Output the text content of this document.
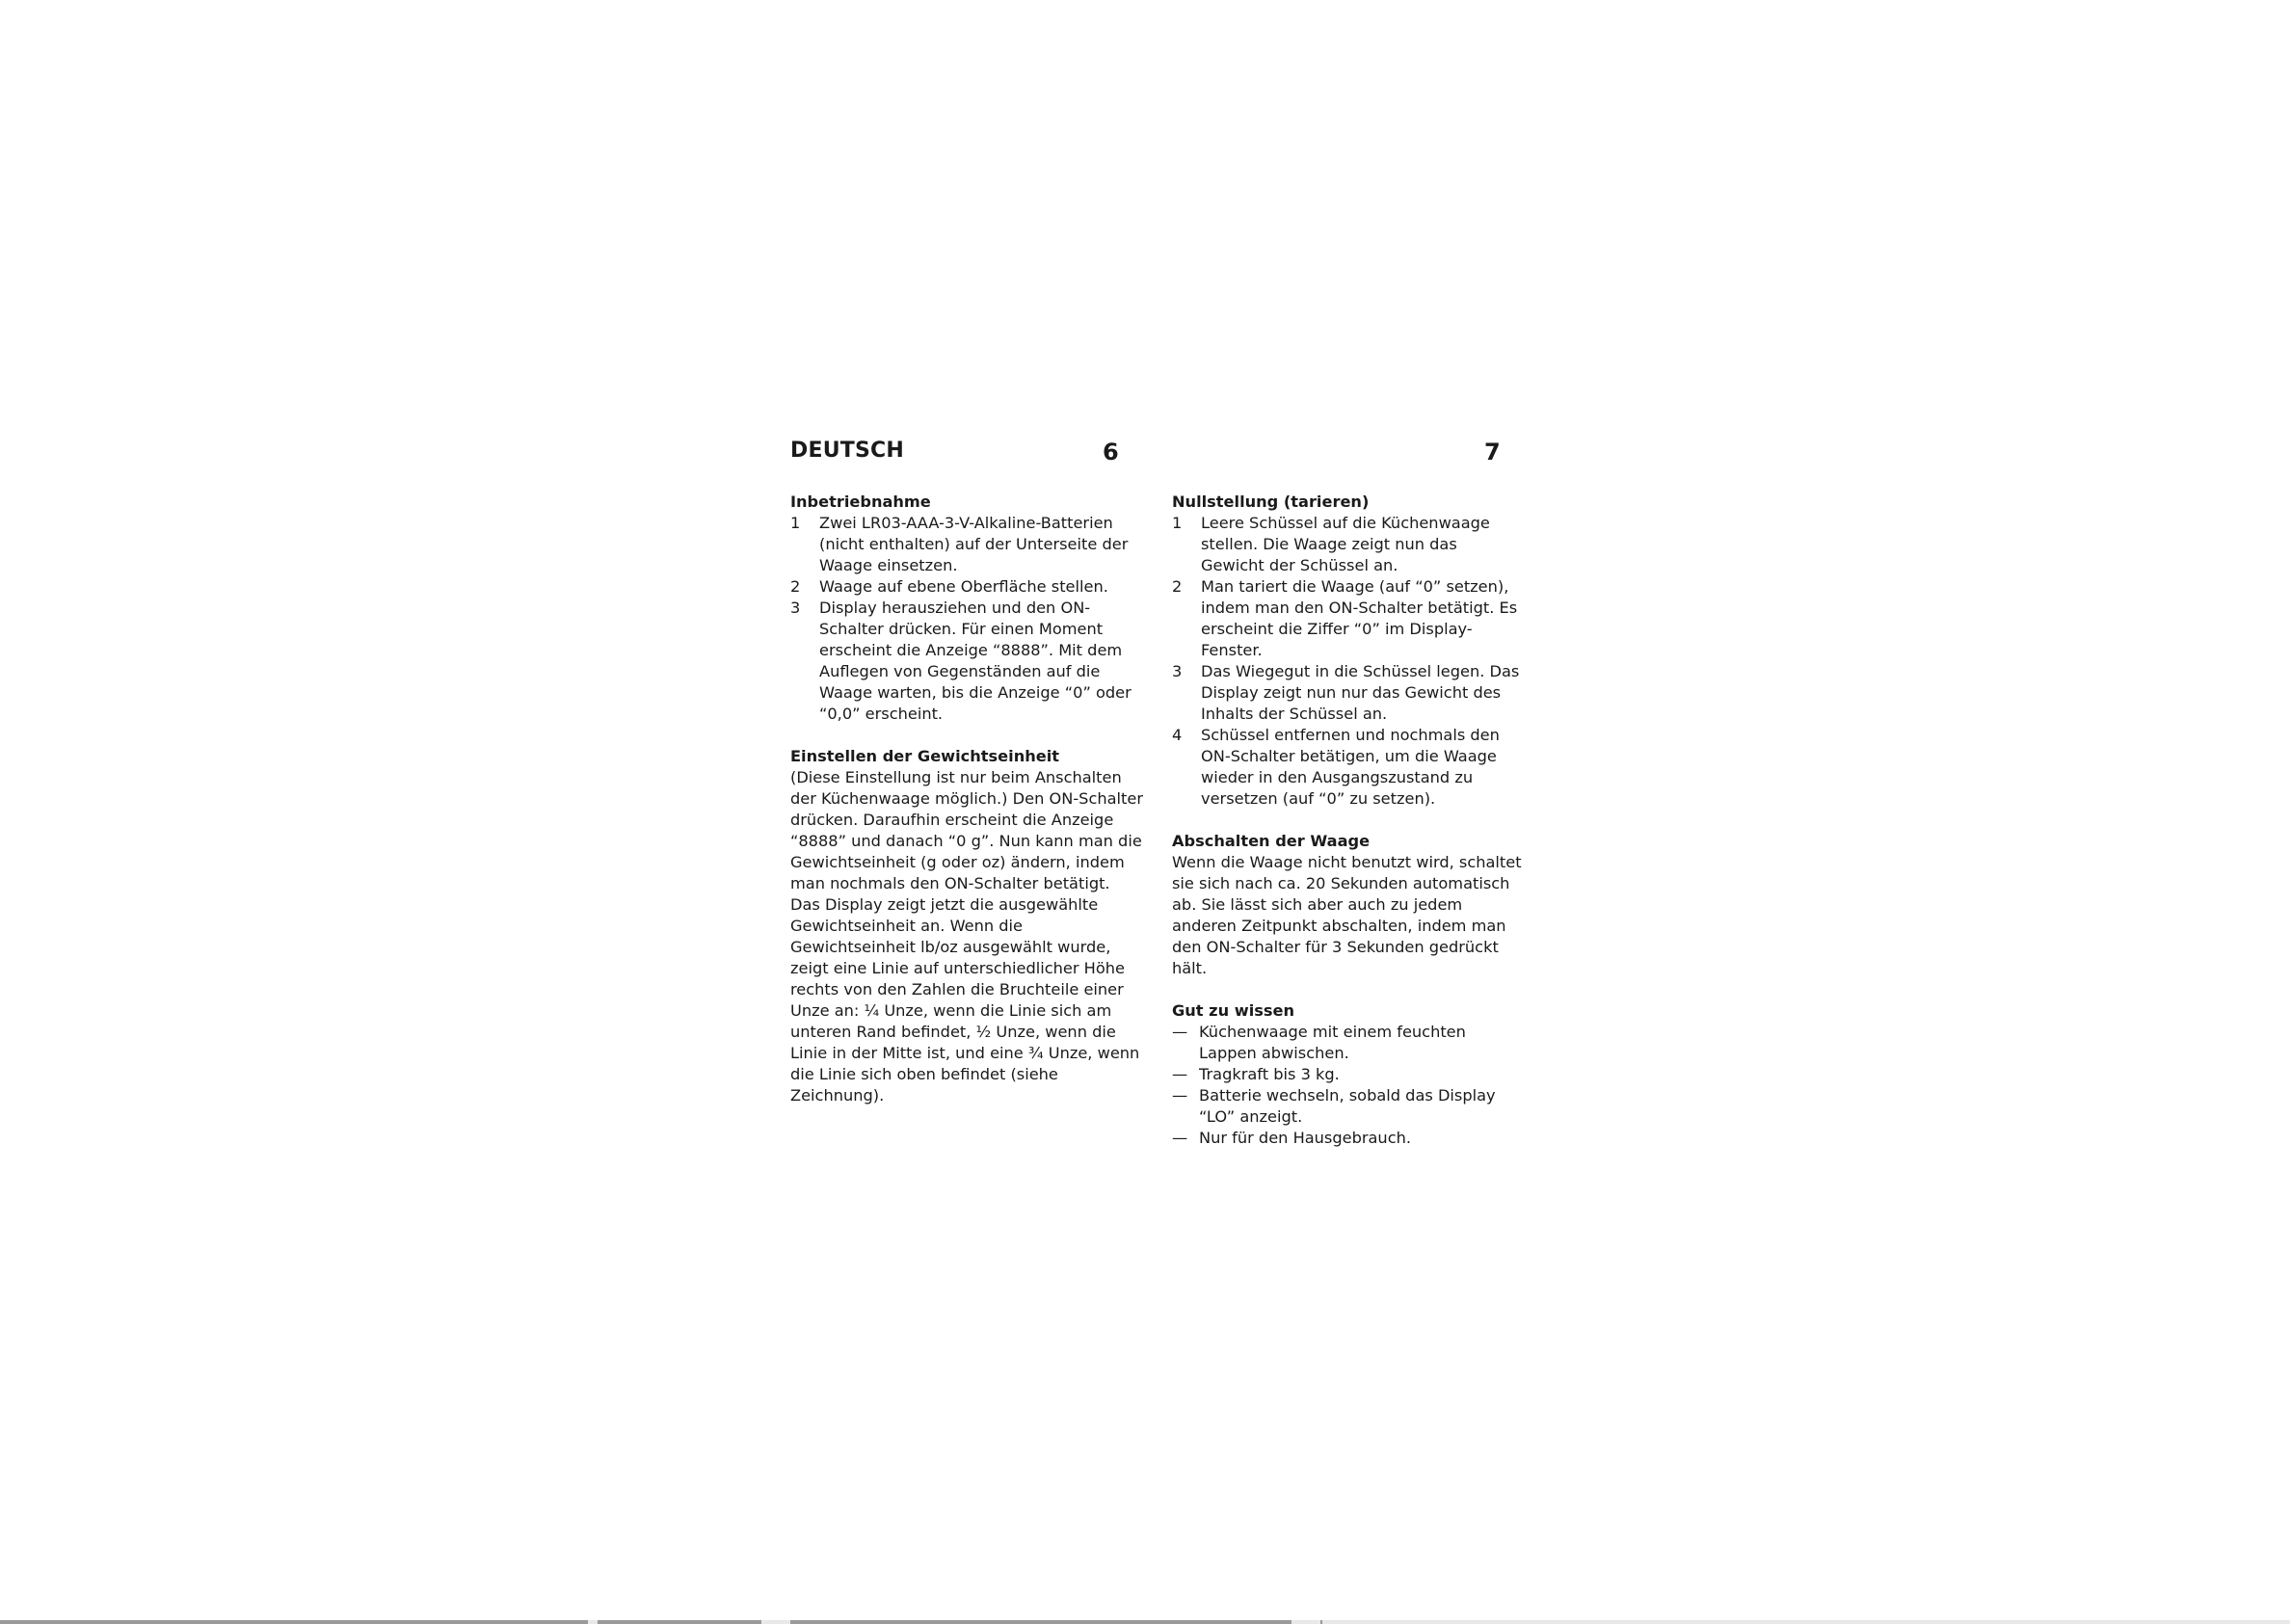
DEUTSCH	6	7

Inbetriebnahme

1 Zwei LR03-AAA-3-V-Alkaline-Batterien (nicht enthalten) auf der Unterseite der Waage einsetzen.
2 Waage auf ebene Oberfläche stellen.
3 Display herausziehen und den ON-Schalter drücken. Für einen Moment erscheint die Anzeige “8888”. Mit dem Auflegen von Gegenständen auf die Waage warten, bis die Anzeige “0” oder “0,0” erscheint.

Einstellen der Gewichtseinheit

(Diese Einstellung ist nur beim Anschalten der Küchenwaage möglich.) Den ON-Schalter drücken. Daraufhin erscheint die Anzeige “8888” und danach “0 g”. Nun kann man die Gewichtseinheit (g oder oz) ändern, indem man nochmals den ON-Schalter betätigt. Das Display zeigt jetzt die ausgewählte Gewichtseinheit an. Wenn die Gewichtseinheit lb/oz ausgewählt wurde, zeigt eine Linie auf unterschiedlicher Höhe rechts von den Zahlen die Bruchteile einer Unze an: ¼ Unze, wenn die Linie sich am unteren Rand befindet, ½ Unze, wenn die Linie in der Mitte ist, und eine ¾ Unze, wenn die Linie sich oben befindet (siehe Zeichnung).

Nullstellung (tarieren)

1 Leere Schüssel auf die Küchenwaage stellen. Die Waage zeigt nun das Gewicht der Schüssel an.
2 Man tariert die Waage (auf “0” setzen), indem man den ON-Schalter betätigt. Es erscheint die Ziffer “0” im Display-Fenster.
3 Das Wiegegut in die Schüssel legen. Das Display zeigt nun nur das Gewicht des Inhalts der Schüssel an.
4 Schüssel entfernen und nochmals den ON-Schalter betätigen, um die Waage wieder in den Ausgangszustand zu versetzen (auf “0” zu setzen).

Abschalten der Waage

Wenn die Waage nicht benutzt wird, schaltet sie sich nach ca. 20 Sekunden automatisch ab. Sie lässt sich aber auch zu jedem anderen Zeitpunkt abschalten, indem man den ON-Schalter für 3 Sekunden gedrückt hält.

Gut zu wissen

— Küchenwaage mit einem feuchten Lappen abwischen.
— Tragkraft bis 3 kg.
— Batterie wechseln, sobald das Display “LO” anzeigt.
— Nur für den Hausgebrauch.
